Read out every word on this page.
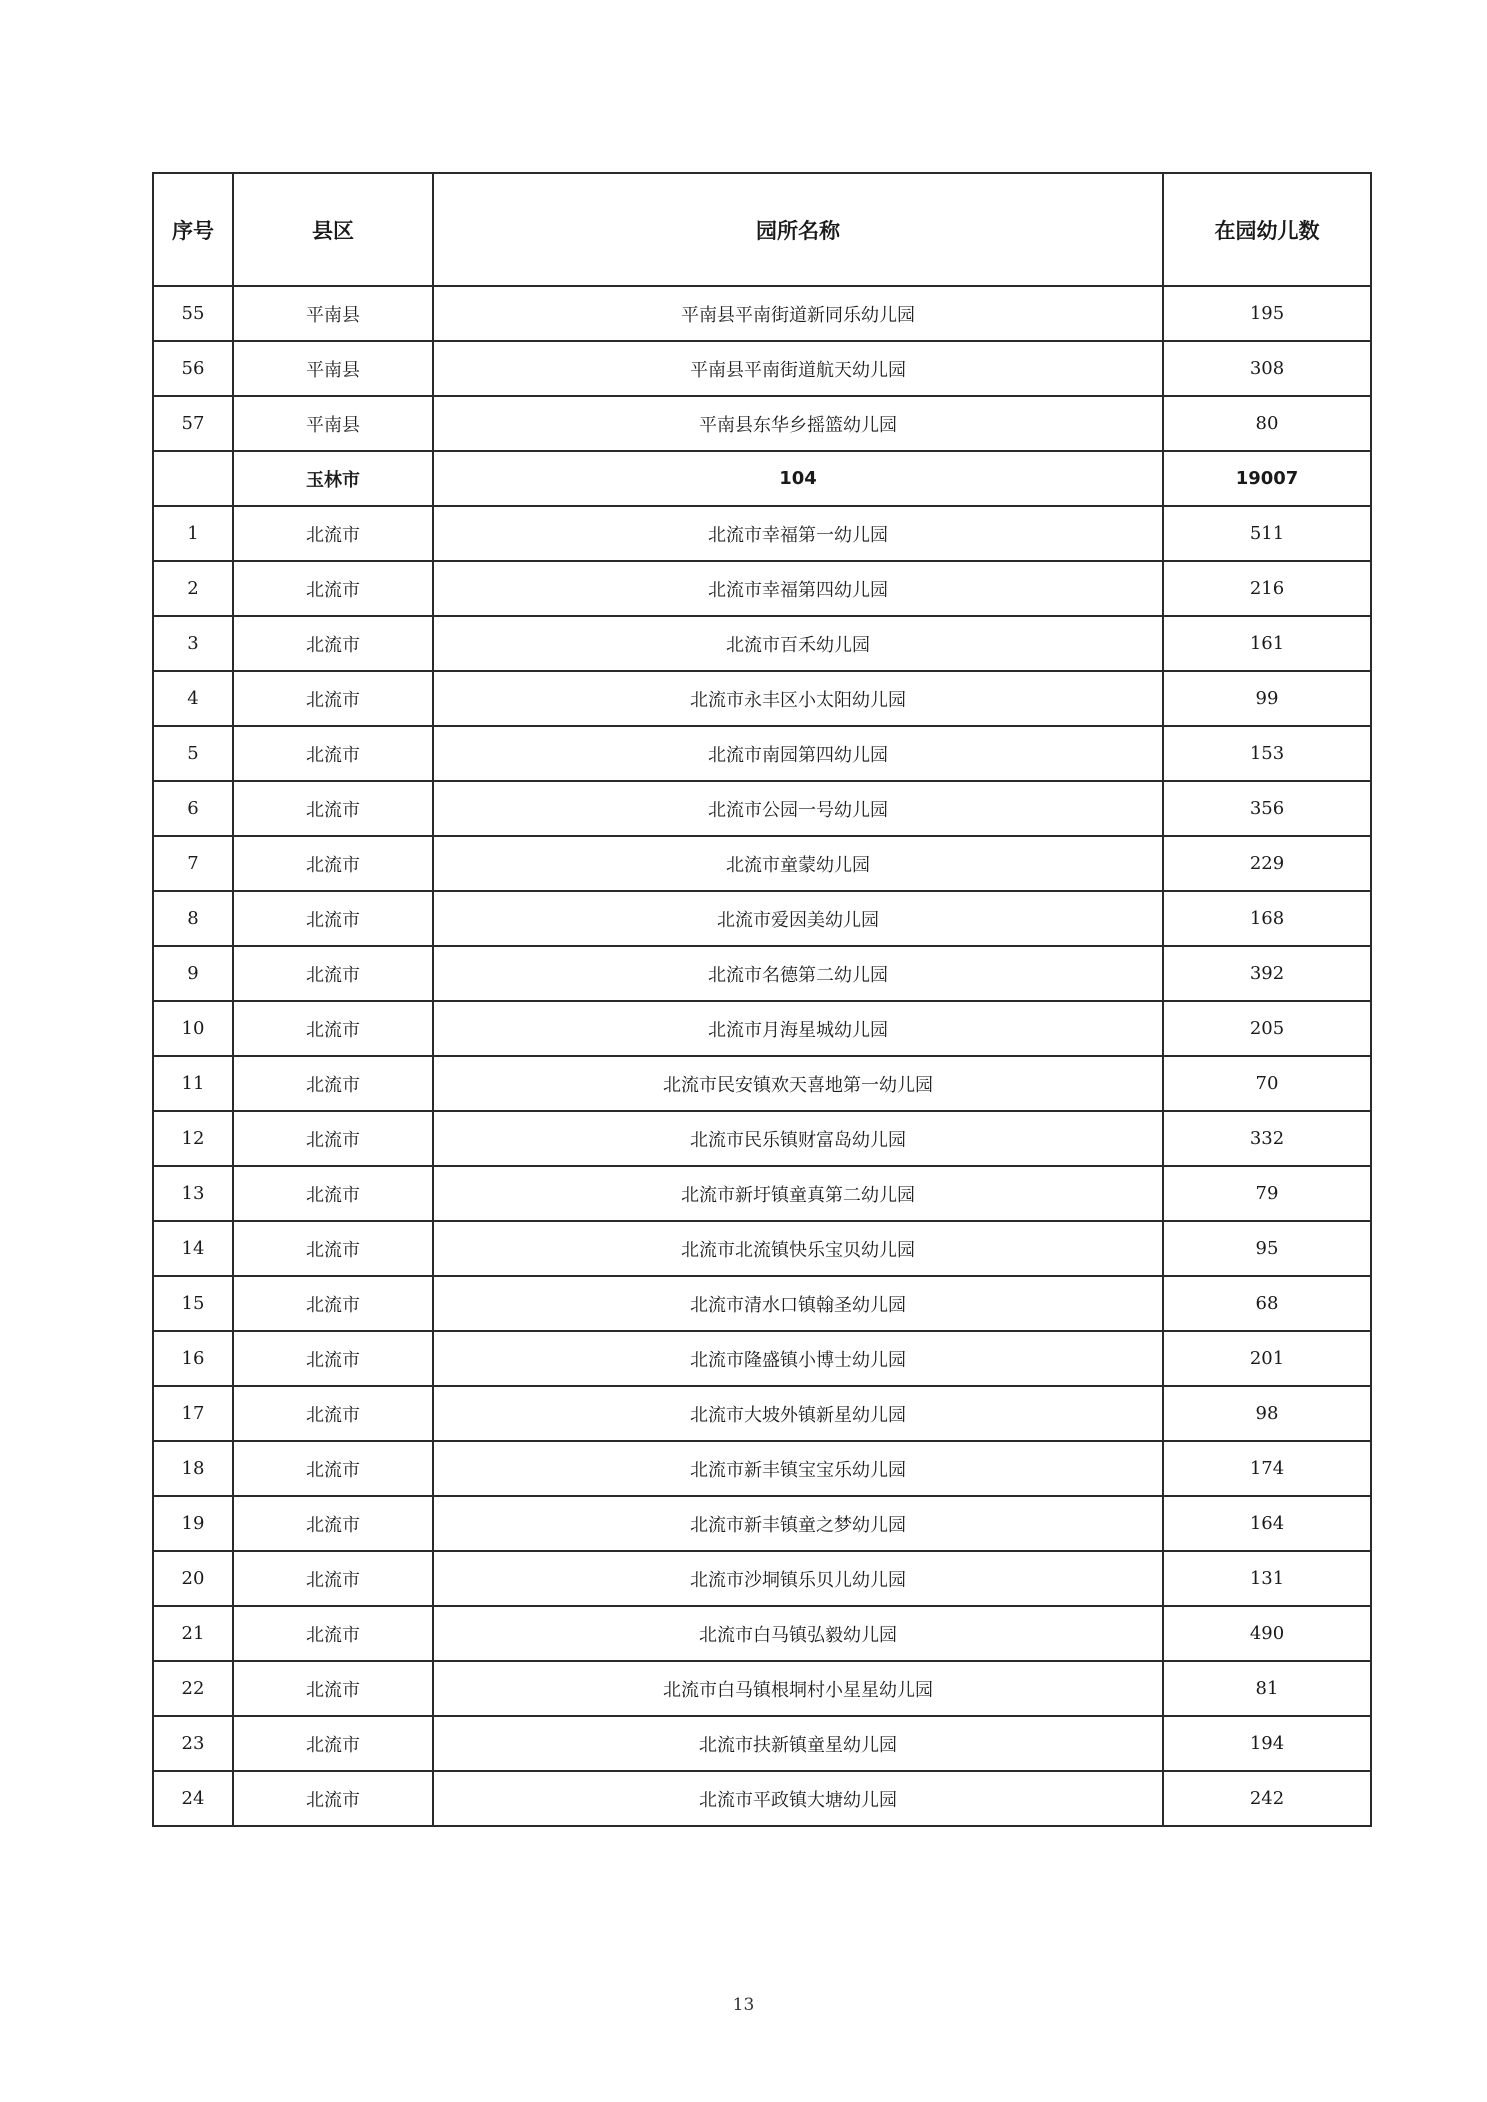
序号	县区	园所名称	在园幼儿数
55	平南县	平南县平南街道新同乐幼儿园	195
56	平南县	平南县平南街道航天幼儿园	308
57	平南县	平南县东华乡摇篮幼儿园	80
	玉林市	104	19007
1	北流市	北流市幸福第一幼儿园	511
2	北流市	北流市幸福第四幼儿园	216
3	北流市	北流市百禾幼儿园	161
4	北流市	北流市永丰区小太阳幼儿园	99
5	北流市	北流市南园第四幼儿园	153
6	北流市	北流市公园一号幼儿园	356
7	北流市	北流市童蒙幼儿园	229
8	北流市	北流市爱因美幼儿园	168
9	北流市	北流市名德第二幼儿园	392
10	北流市	北流市月海星城幼儿园	205
11	北流市	北流市民安镇欢天喜地第一幼儿园	70
12	北流市	北流市民乐镇财富岛幼儿园	332
13	北流市	北流市新圩镇童真第二幼儿园	79
14	北流市	北流市北流镇快乐宝贝幼儿园	95
15	北流市	北流市清水口镇翰圣幼儿园	68
16	北流市	北流市隆盛镇小博士幼儿园	201
17	北流市	北流市大坡外镇新星幼儿园	98
18	北流市	北流市新丰镇宝宝乐幼儿园	174
19	北流市	北流市新丰镇童之梦幼儿园	164
20	北流市	北流市沙垌镇乐贝儿幼儿园	131
21	北流市	北流市白马镇弘毅幼儿园	490
22	北流市	北流市白马镇根垌村小星星幼儿园	81
23	北流市	北流市扶新镇童星幼儿园	194
24	北流市	北流市平政镇大塘幼儿园	242
13
